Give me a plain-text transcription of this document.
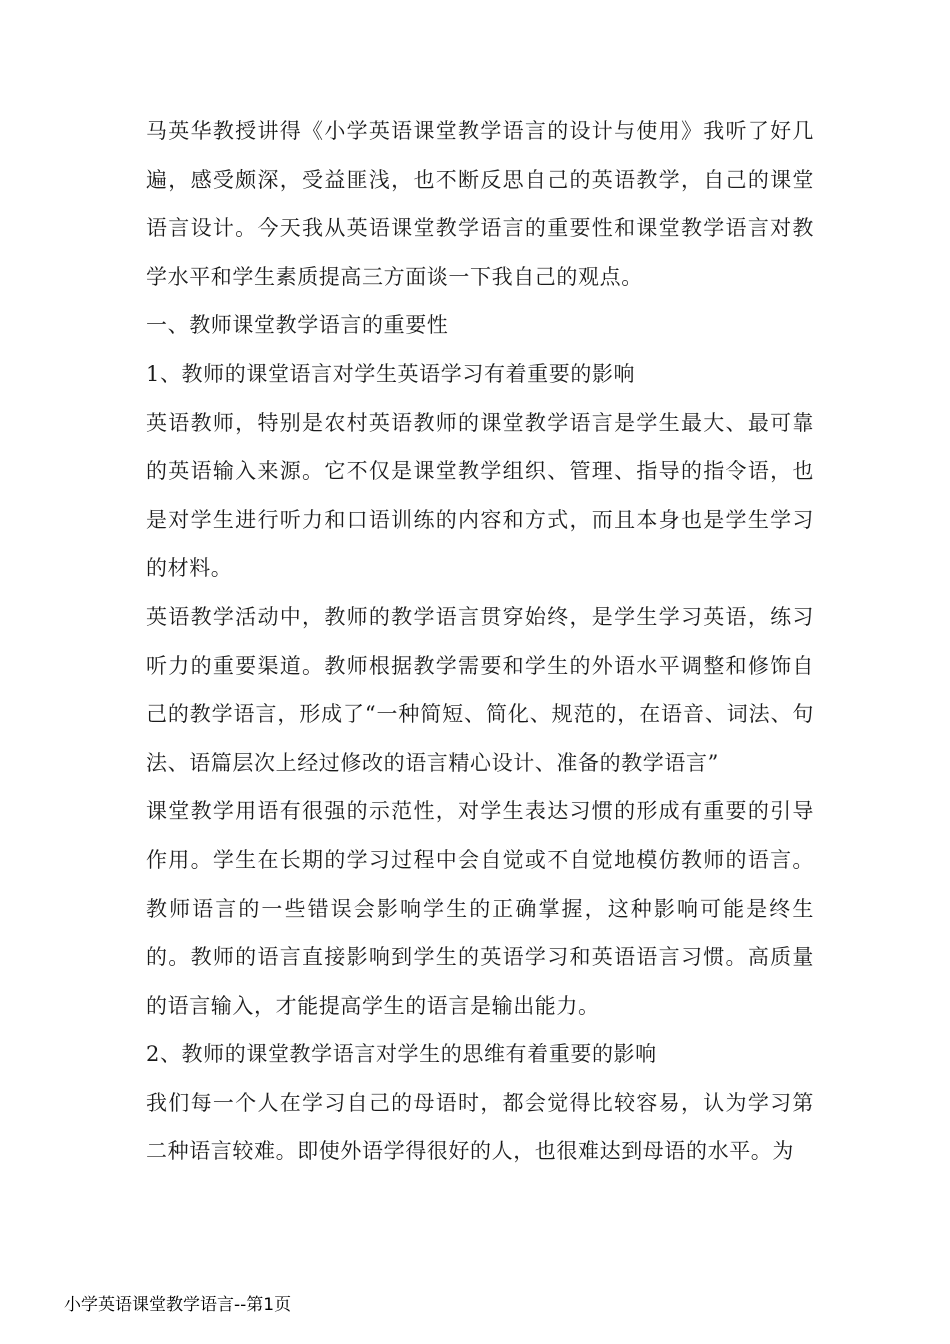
马英华教授讲得《小学英语课堂教学语言的设计与使用》我听了好几遍，感受颇深，受益匪浅，也不断反思自己的英语教学，自己的课堂语言设计。今天我从英语课堂教学语言的重要性和课堂教学语言对教学水平和学生素质提高三方面谈一下我自己的观点。

一、教师课堂教学语言的重要性

1、教师的课堂语言对学生英语学习有着重要的影响

英语教师，特别是农村英语教师的课堂教学语言是学生最大、最可靠的英语输入来源。它不仅是课堂教学组织、管理、指导的指令语，也是对学生进行听力和口语训练的内容和方式，而且本身也是学生学习的材料。

英语教学活动中，教师的教学语言贯穿始终，是学生学习英语，练习听力的重要渠道。教师根据教学需要和学生的外语水平调整和修饰自己的教学语言，形成了“一种简短、简化、规范的，在语音、词法、句法、语篇层次上经过修改的语言精心设计、准备的教学语言”

课堂教学用语有很强的示范性，对学生表达习惯的形成有重要的引导作用。学生在长期的学习过程中会自觉或不自觉地模仿教师的语言。教师语言的一些错误会影响学生的正确掌握，这种影响可能是终生的。教师的语言直接影响到学生的英语学习和英语语言习惯。高质量的语言输入，才能提高学生的语言是输出能力。

2、教师的课堂教学语言对学生的思维有着重要的影响

我们每一个人在学习自己的母语时，都会觉得比较容易，认为学习第二种语言较难。即使外语学得很好的人，也很难达到母语的水平。为

小学英语课堂教学语言--第1页
